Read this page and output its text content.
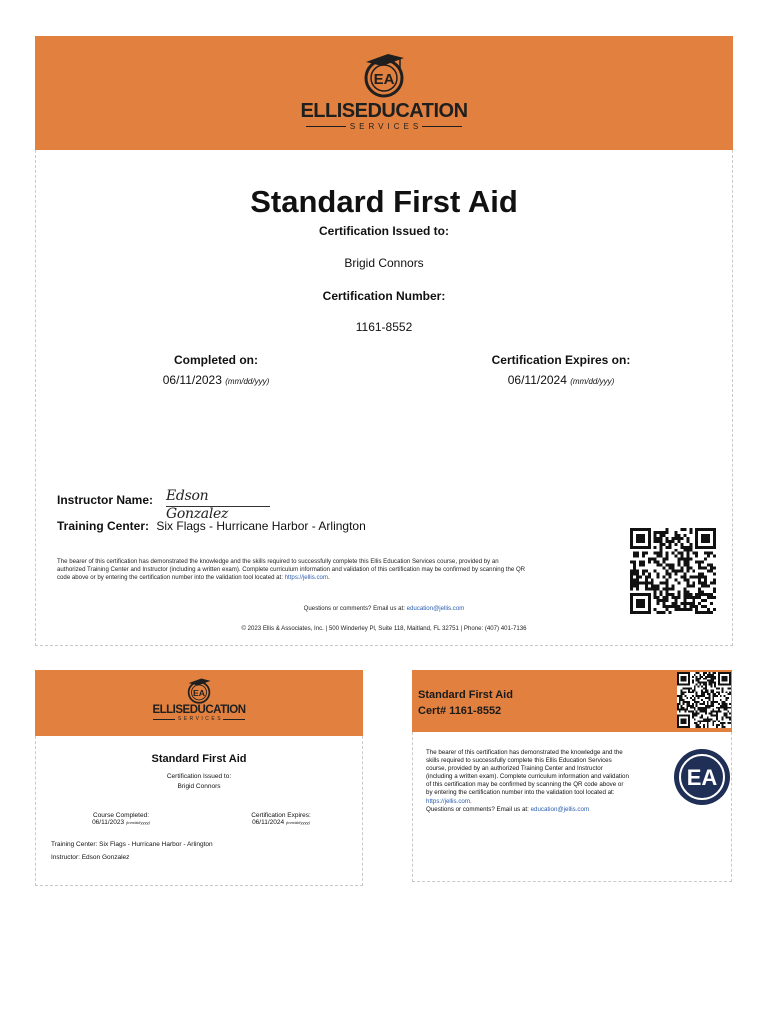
EA
ELLISEDUCATION
SERVICES
Standard First Aid
Certification Issued to:
Brigid Connors
Certification Number:
1161-8552
Completed on:
06/11/2023 (mm/dd/yyy)
Certification Expires on:
06/11/2024 (mm/dd/yyy)
Instructor Name: Edson Gonzalez
Training Center: Six Flags - Hurricane Harbor - Arlington
The bearer of this certification has demonstrated the knowledge and the skills required to successfully complete this Ellis Education Services course, provided by an
authorized Training Center and Instructor (including a written exam). Complete curriculum information and validation of this certification may be confirmed by scanning the QR
code above or by entering the certification number into the validation tool located at: https://jellis.com.
Questions or comments? Email us at: education@jellis.com
© 2023 Ellis & Associates, Inc. | 500 Winderley Pl, Suite 118, Maitland, FL 32751 | Phone: (407) 401-7136
EA
ELLISEDUCATION
SERVICES
Standard First Aid
Certification Issued to:
Brigid Connors
Course Completed:
06/11/2023 (mm/dd/yyyy)
Certification Expires:
06/11/2024 (mm/dd/yyyy)
Training Center: Six Flags - Hurricane Harbor - Arlington
Instructor: Edson Gonzalez
Standard First Aid
Cert# 1161-8552
The bearer of this certification has demonstrated the knowledge and the
skills required to successfully complete this Ellis Education Services
course, provided by an authorized Training Center and Instructor
(including a written exam). Complete curriculum information and validation
of this certification may be confirmed by scanning the QR code above or
by entering the certification number into the validation tool located at:
https://jellis.com.
Questions or comments? Email us at: education@jellis.com
EA
